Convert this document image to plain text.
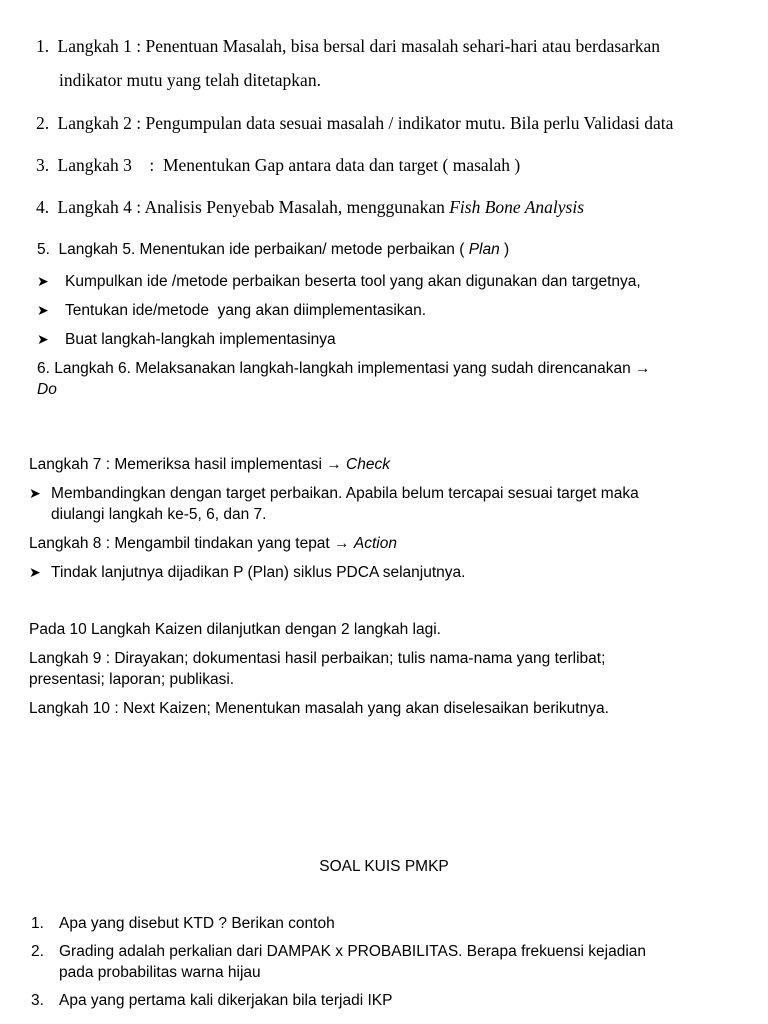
1. Langkah 1 : Penentuan Masalah, bisa bersal dari masalah sehari-hari atau berdasarkan
indikator mutu yang telah ditetapkan.
2. Langkah 2 : Pengumpulan data sesuai masalah / indikator mutu. Bila perlu Validasi data
3. Langkah 3    :  Menentukan Gap antara data dan target ( masalah )
4. Langkah 4 : Analisis Penyebab Masalah, menggunakan Fish Bone Analysis
5.  Langkah 5. Menentukan ide perbaikan/ metode perbaikan ( Plan )
➤ Kumpulkan ide /metode perbaikan beserta tool yang akan digunakan dan targetnya,
➤ Tentukan ide/metode  yang akan diimplementasikan.
➤ Buat langkah-langkah implementasinya
6. Langkah 6. Melaksanakan langkah-langkah implementasi yang sudah direncanakan →
Do
Langkah 7 : Memeriksa hasil implementasi → Check
➤ Membandingkan dengan target perbaikan. Apabila belum tercapai sesuai target maka
diulangi langkah ke-5, 6, dan 7.
Langkah 8 : Mengambil tindakan yang tepat → Action
➤ Tindak lanjutnya dijadikan P (Plan) siklus PDCA selanjutnya.
Pada 10 Langkah Kaizen dilanjutkan dengan 2 langkah lagi.
Langkah 9 : Dirayakan; dokumentasi hasil perbaikan; tulis nama-nama yang terlibat;
presentasi; laporan; publikasi.
Langkah 10 : Next Kaizen; Menentukan masalah yang akan diselesaikan berikutnya.
SOAL KUIS PMKP
1. Apa yang disebut KTD ? Berikan contoh
2. Grading adalah perkalian dari DAMPAK x PROBABILITAS. Berapa frekuensi kejadian
pada probabilitas warna hijau
3. Apa yang pertama kali dikerjakan bila terjadi IKP
